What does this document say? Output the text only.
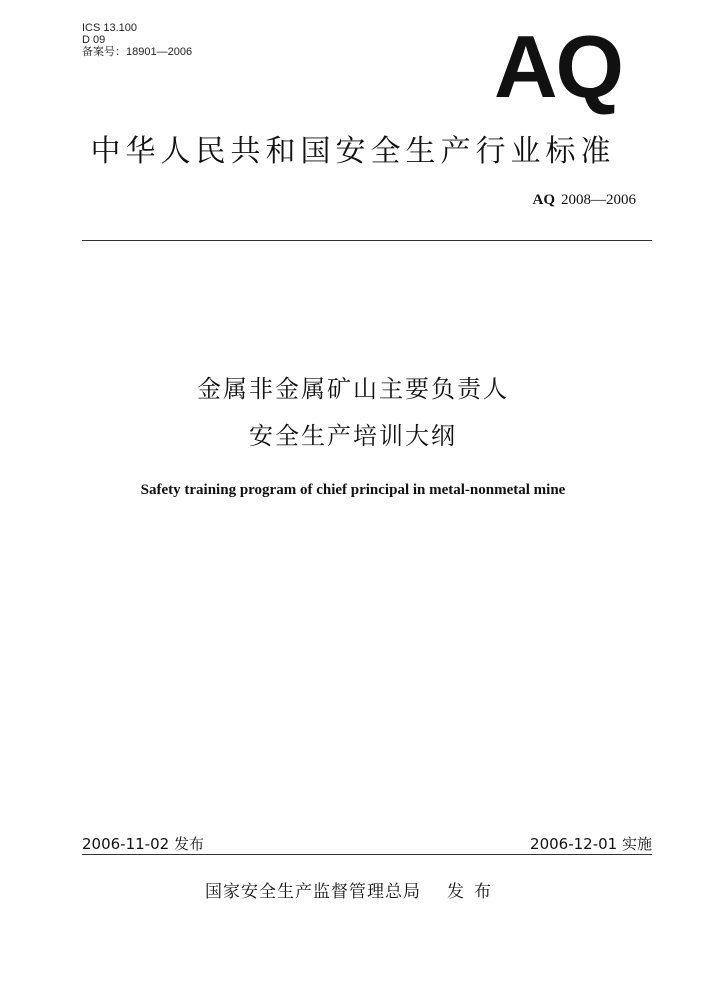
ICS 13.100
D 09
备案号：18901—2006	AQ
中华人民共和国安全生产行业标准
AQ 2008—2006
金属非金属矿山主要负责人
安全生产培训大纲
Safety training program of chief principal in metal-nonmetal mine
2006-11-02 发布	2006-12-01 实施
国家安全生产监督管理总局 发布
